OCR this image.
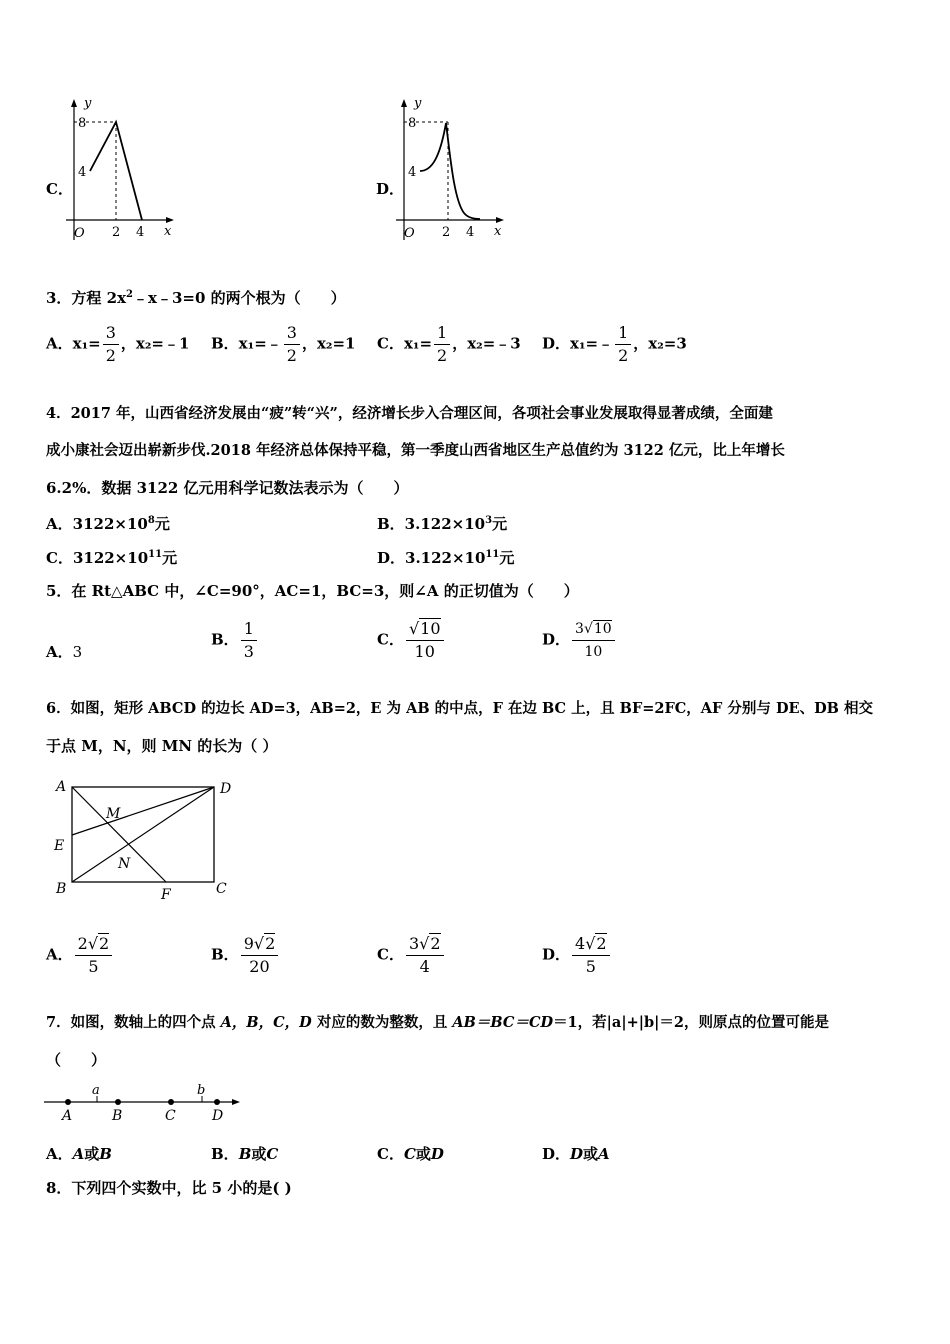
C．
y
x
O
8
4
2 4
D．
y
x
O
8
4
2 4
3．方程 $2x^2﹣x﹣3=0$ 的两个根为（　　）
A．$x_1= \frac{3}{2}$ ，x₂=﹣1 B．x₁=﹣ $\frac{3}{2}$ ，x₂=1 C．$x_1= \frac{1}{2}$ ，x₂=﹣3 D．x₁=﹣ $\frac{1}{2}$ ，x₂=3
4．2017 年，山西省经济发展由“疲”转“兴”，经济增长步入合理区间，各项社会事业发展取得显著成绩，全面建
成小康社会迈出崭新步伐.2018 年经济总体保持平稳，第一季度山西省地区生产总值约为 3122 亿元，比上年增长
6.2%．数据 3122 亿元用科学记数法表示为（　　）
A．$3122\times 10^8$元	B．$3.122\times 10^3$元
C．$3122\times 10^{11}$元	D．$3.122\times 10^{11}$元
5．在 Rt△ABC 中，∠C=90°，AC=1，BC=3，则∠A 的正切值为（　　）
A．3
B． $\frac{1}{3}$	C． $\frac{√10}{10}$	D． $\frac{3√10}{10}$
6．如图，矩形 ABCD 的边长 AD=3，AB=2，E 为 AB 的中点，F 在边 BC 上，且 BF=2FC，AF 分别与 DE、DB 相交
于点 M，N，则 MN 的长为（ ）
A	D
E
B	C
F
M
N
A． $\frac{2√2}{5}$	B． $\frac{9√2}{20}$	C． $\frac{3√2}{4}$	D． $\frac{4√2}{5}$
7．如图，数轴上的四个点 A，B，C，D 对应的数为整数，且 AB＝BC＝CD＝1，若|a|+|b|＝2，则原点的位置可能是
（　　）
a	b
A	B	C	D
A．A或B	B．B或C	C．C或D	D．D或A
8．下列四个实数中，比 5 小的是( )
